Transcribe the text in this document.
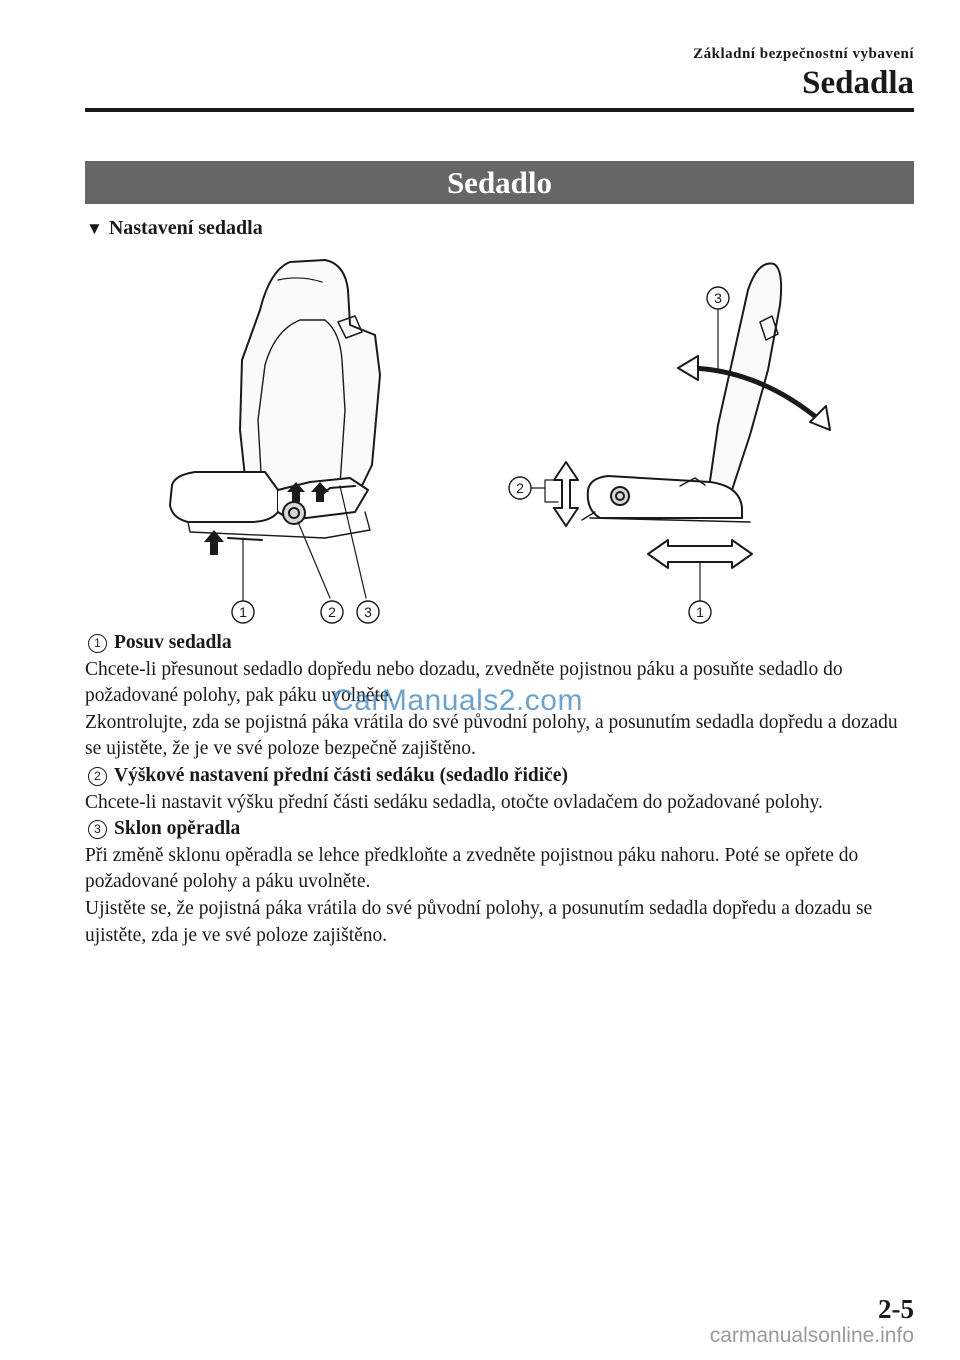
Základní bezpečnostní vybavení
Sedadla
Sedadlo
▼ Nastavení sedadla
1	2 3
3
2
1
1 Posuv sedadla

Chcete-li přesunout sedadlo dopředu nebo dozadu, zvedněte pojistnou páku a posuňte sedadlo do požadované polohy, pak páku uvolněte.

Zkontrolujte, zda se pojistná páka vrátila do své původní polohy, a posunutím sedadla dopředu a dozadu se ujistěte, že je ve své poloze bezpečně zajištěno.

2 Výškové nastavení přední části sedáku (sedadlo řidiče)

Chcete-li nastavit výšku přední části sedáku sedadla, otočte ovladačem do požadované polohy.

3 Sklon opěradla

Při změně sklonu opěradla se lehce předkloňte a zvedněte pojistnou páku nahoru. Poté se opřete do požadované polohy a páku uvolněte.

Ujistěte se, že pojistná páka vrátila do své původní polohy, a posunutím sedadla dopředu a dozadu se ujistěte, zda je ve své poloze zajištěno.

CarManuals2.com
2-5
carmanualsonline.info
